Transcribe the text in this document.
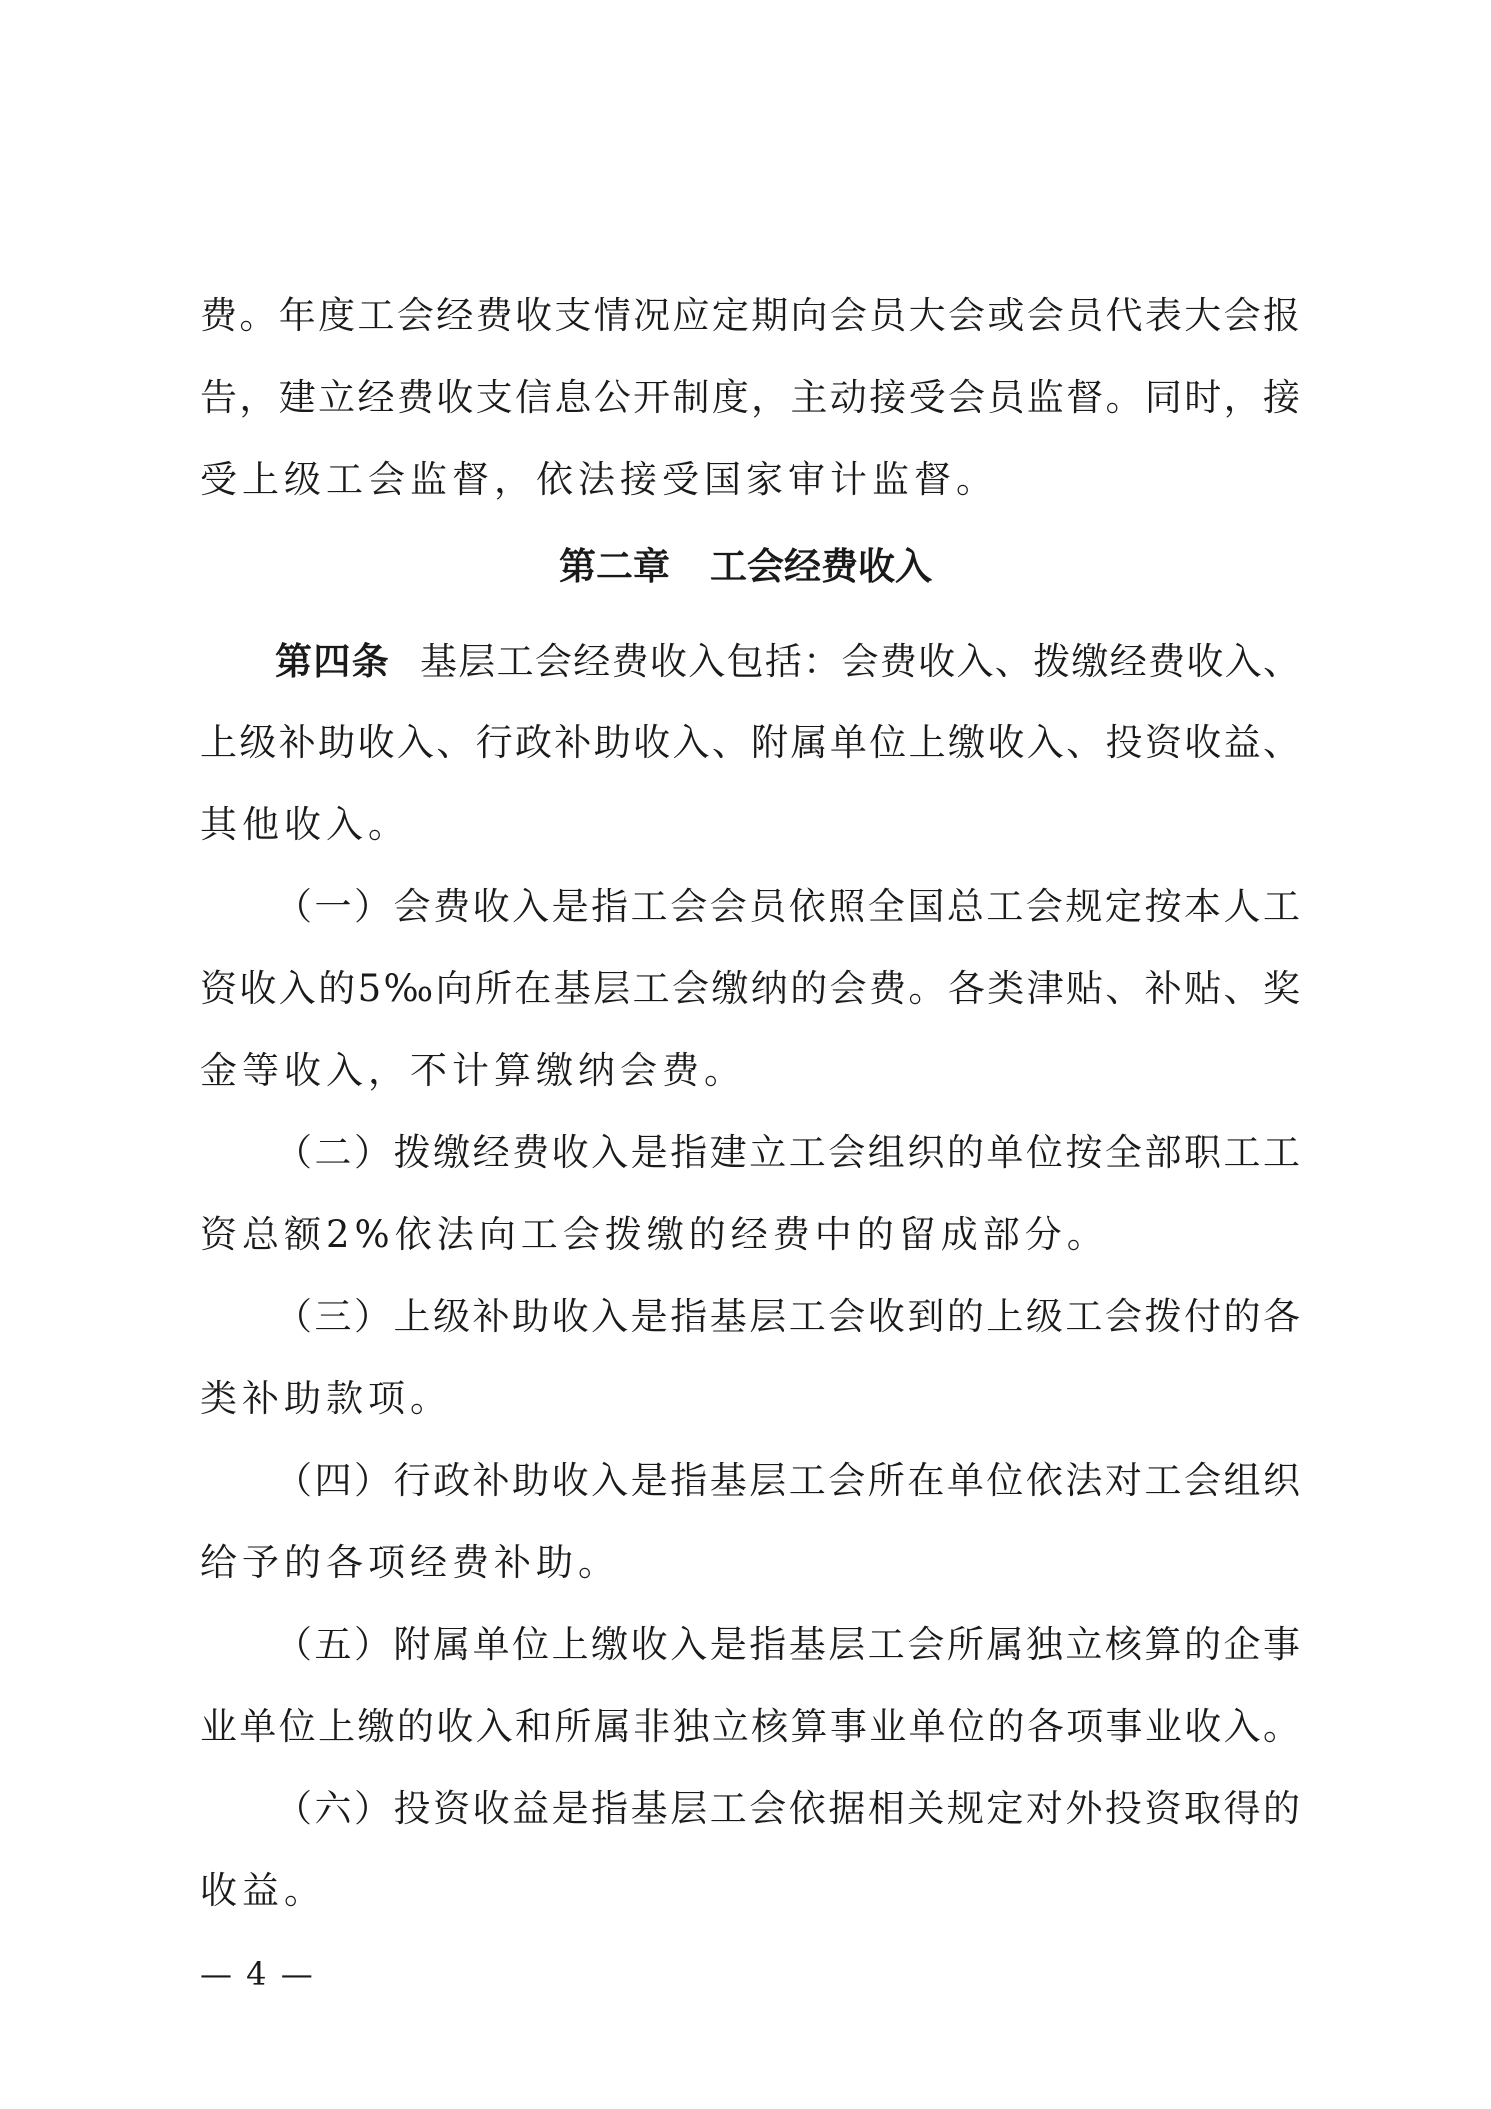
费。年度工会经费收支情况应定期向会员大会或会员代表大会报
告，建立经费收支信息公开制度，主动接受会员监督。同时，接
受上级工会监督，依法接受国家审计监督。
第二章 工会经费收入
第四条 基层工会经费收入包括：会费收入、拨缴经费收入、
上级补助收入、行政补助收入、附属单位上缴收入、投资收益、
其他收入。
（一）会费收入是指工会会员依照全国总工会规定按本人工
资收入的5‰向所在基层工会缴纳的会费。各类津贴、补贴、奖
金等收入，不计算缴纳会费。
（二）拨缴经费收入是指建立工会组织的单位按全部职工工
资总额2%依法向工会拨缴的经费中的留成部分。
（三）上级补助收入是指基层工会收到的上级工会拨付的各
类补助款项。
（四）行政补助收入是指基层工会所在单位依法对工会组织
给予的各项经费补助。
（五）附属单位上缴收入是指基层工会所属独立核算的企事
业单位上缴的收入和所属非独立核算事业单位的各项事业收入。
（六）投资收益是指基层工会依据相关规定对外投资取得的
收益。
— 4 —
